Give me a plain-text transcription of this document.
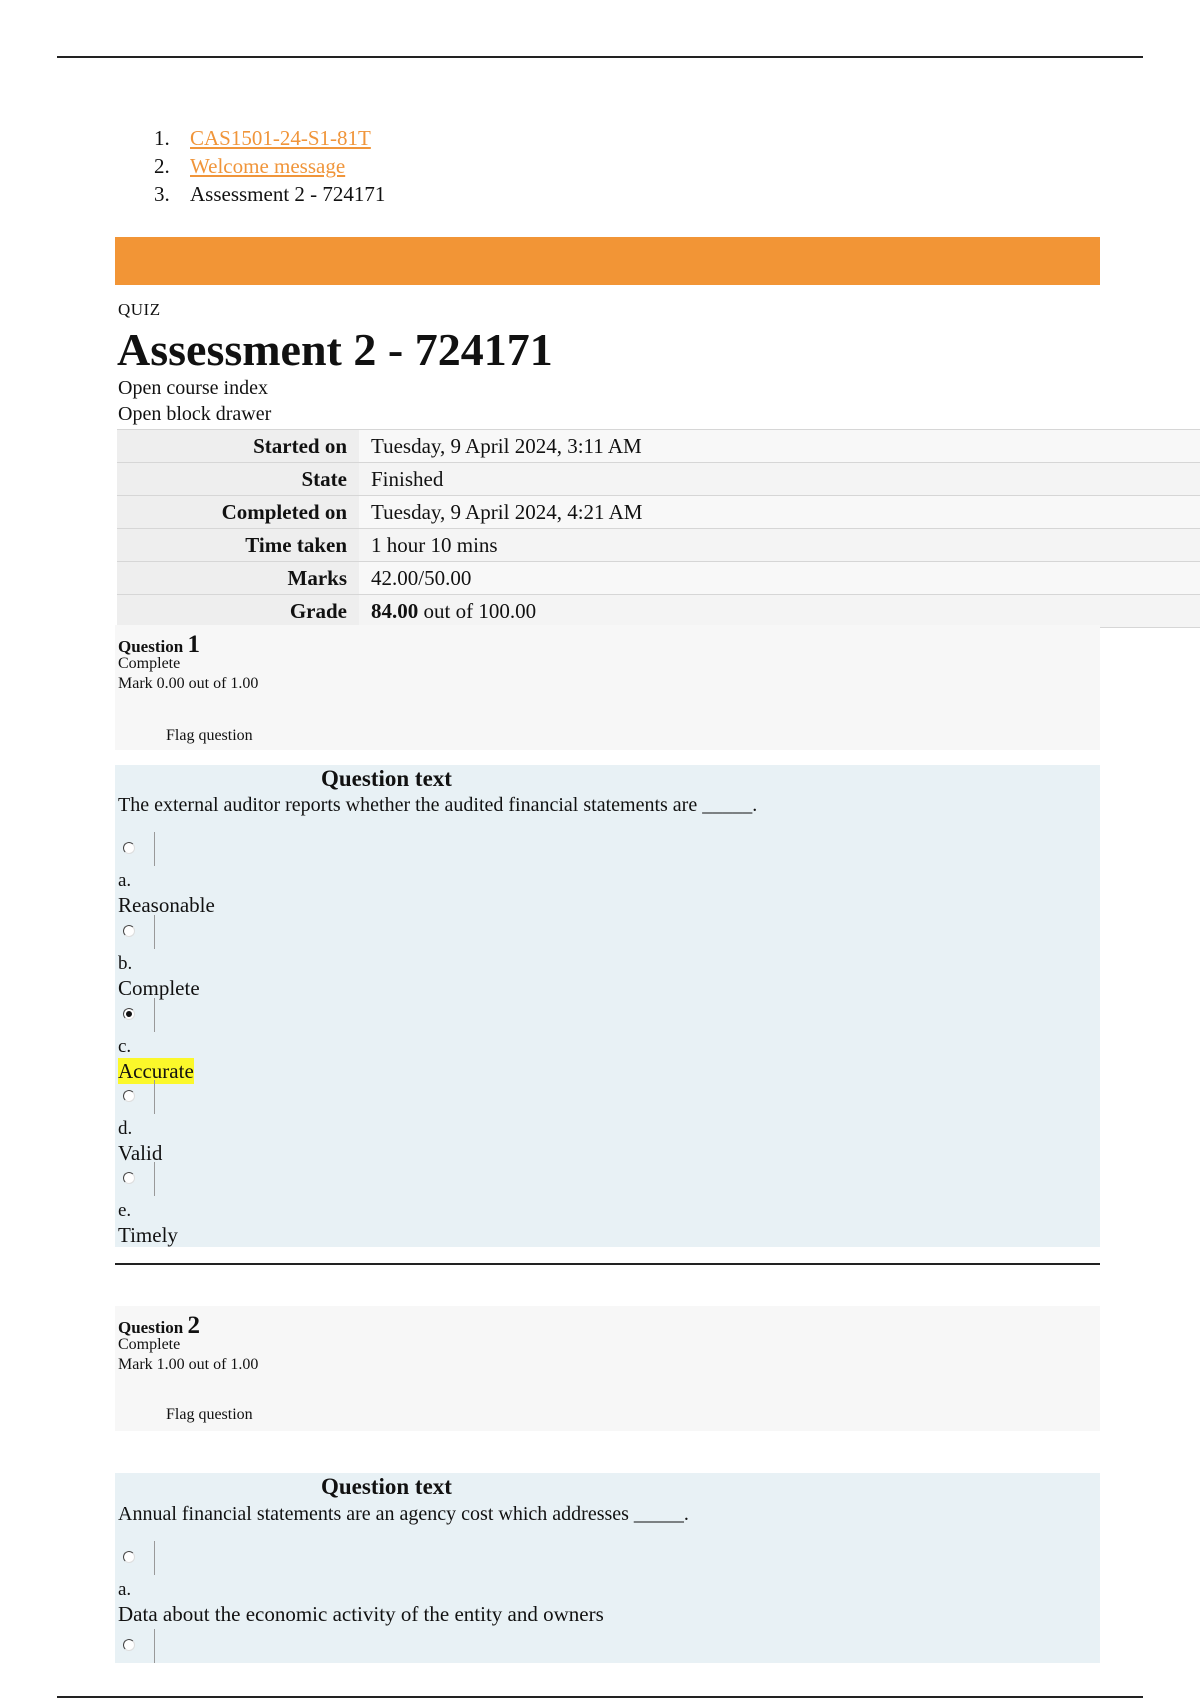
1. CAS1501-24-S1-81T
2. Welcome message
3. Assessment 2 - 724171
QUIZ
Assessment 2 - 724171
Open course index
Open block drawer
Started on	Tuesday, 9 April 2024, 3:11 AM
State	Finished
Completed on	Tuesday, 9 April 2024, 4:21 AM
Time taken	1 hour 10 mins
Marks	42.00/50.00
Grade	84.00 out of 100.00
Question 1
Complete
Mark 0.00 out of 1.00
Flag question
Question text
The external auditor reports whether the audited financial statements are _____.
a.
Reasonable
b.
Complete
c.
Accurate
d.
Valid
e.
Timely
Question 2
Complete
Mark 1.00 out of 1.00
Flag question
Question text
Annual financial statements are an agency cost which addresses _____.
a.
Data about the economic activity of the entity and owners
